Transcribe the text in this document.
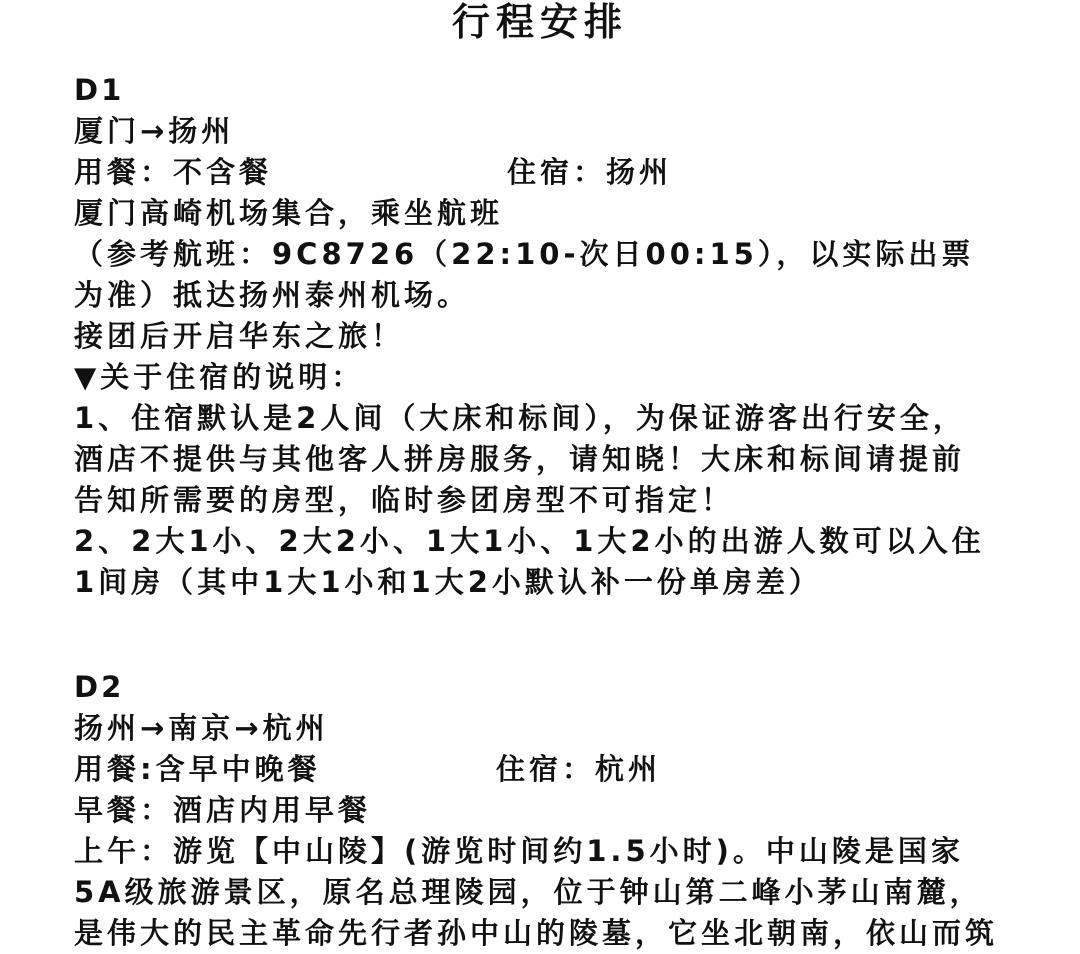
行程安排
D1
厦门→扬州
用餐：不含餐	住宿：扬州
厦门高崎机场集合，乘坐航班
（参考航班：9C8726（22:10-次日00:15），以实际出票
为准）抵达扬州泰州机场。
接团后开启华东之旅！
▼关于住宿的说明：
1、住宿默认是2人间（大床和标间），为保证游客出行安全，
酒店不提供与其他客人拼房服务，请知晓！大床和标间请提前
告知所需要的房型，临时参团房型不可指定！
2、2大1小、2大2小、1大1小、1大2小的出游人数可以入住
1间房（其中1大1小和1大2小默认补一份单房差）
D2
扬州→南京→杭州
用餐:含早中晚餐	住宿：杭州
早餐：酒店内用早餐
上午：游览【中山陵】(游览时间约1.5小时)。中山陵是国家
5A级旅游景区，原名总理陵园，位于钟山第二峰小茅山南麓，
是伟大的民主革命先行者孙中山的陵墓，它坐北朝南，依山而筑
